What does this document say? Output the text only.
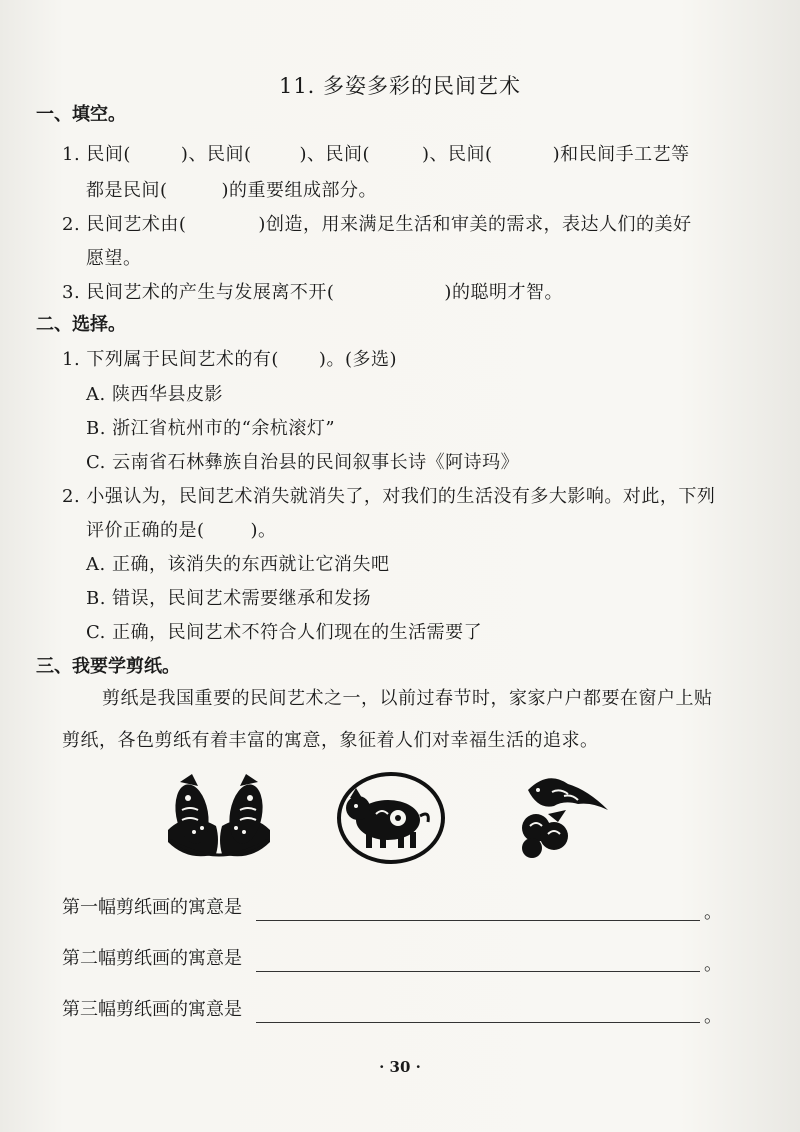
11. 多姿多彩的民间艺术
一、填空。
1. 民间(	)、民间(	)、民间(	)、民间(	)和民间手工艺等
都是民间(	)的重要组成部分。
2. 民间艺术由(	)创造，用来满足生活和审美的需求，表达人们的美好
愿望。
3. 民间艺术的产生与发展离不开(	)的聪明才智。
二、选择。
1. 下列属于民间艺术的有( )。(多选)
A. 陕西华县皮影
B. 浙江省杭州市的“余杭滚灯”
C. 云南省石林彝族自治县的民间叙事长诗《阿诗玛》
2. 小强认为，民间艺术消失就消失了，对我们的生活没有多大影响。对此，下列
评价正确的是(	)。
A. 正确，该消失的东西就让它消失吧
B. 错误，民间艺术需要继承和发扬
C. 正确，民间艺术不符合人们现在的生活需要了
三、我要学剪纸。
剪纸是我国重要的民间艺术之一，以前过春节时，家家户户都要在窗户上贴剪纸，各色剪纸有着丰富的寓意，象征着人们对幸福生活的追求。
第一幅剪纸画的寓意是	。
第二幅剪纸画的寓意是	。
第三幅剪纸画的寓意是	。
· 30 ·
